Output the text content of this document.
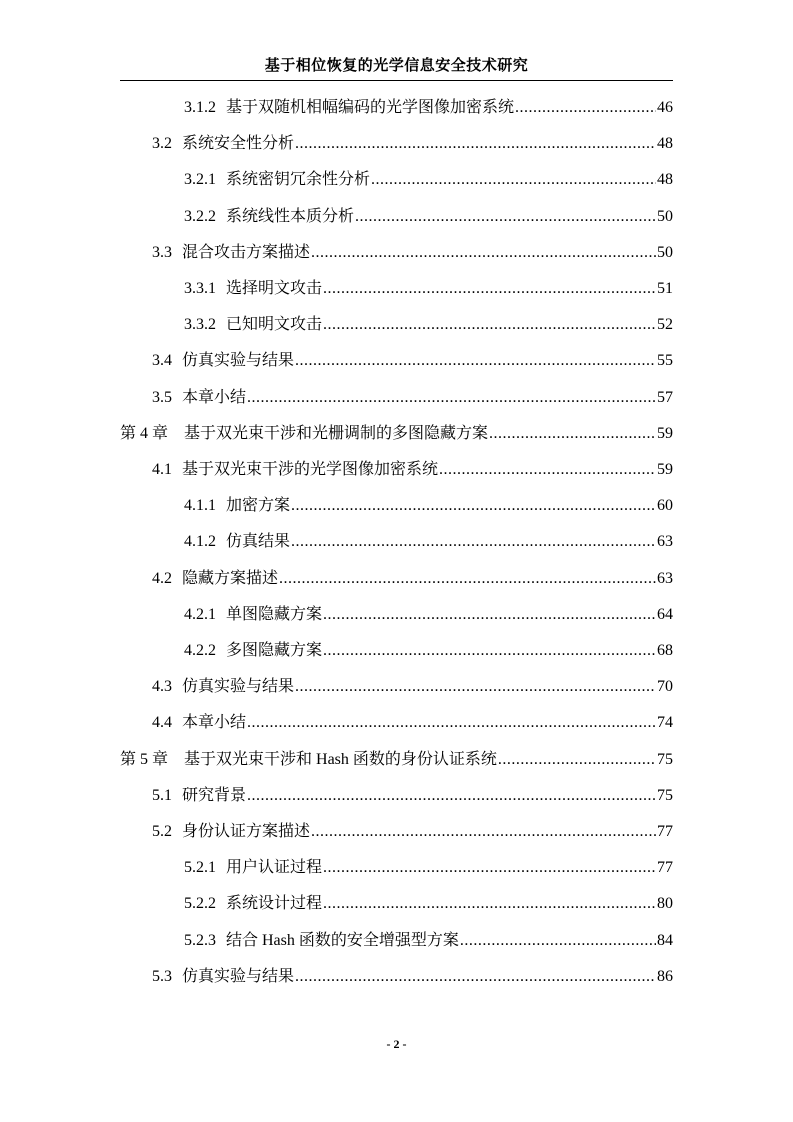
基于相位恢复的光学信息安全技术研究
3.1.2 基于双随机相幅编码的光学图像加密系统 .....	46
3.2 系统安全性分析 .....	48
3.2.1 系统密钥冗余性分析 .....	48
3.2.2 系统线性本质分析 .....	50
3.3 混合攻击方案描述 .....	50
3.3.1 选择明文攻击 .....	51
3.3.2 已知明文攻击 .....	52
3.4 仿真实验与结果 .....	55
3.5 本章小结 .....	57
第 4 章 基于双光束干涉和光栅调制的多图隐藏方案 .....	59
4.1 基于双光束干涉的光学图像加密系统 .....	59
4.1.1 加密方案 .....	60
4.1.2 仿真结果 .....	63
4.2 隐藏方案描述 .....	63
4.2.1 单图隐藏方案 .....	64
4.2.2 多图隐藏方案 .....	68
4.3 仿真实验与结果 .....	70
4.4 本章小结 .....	74
第 5 章 基于双光束干涉和 Hash 函数的身份认证系统 .....	75
5.1 研究背景 .....	75
5.2 身份认证方案描述 .....	77
5.2.1 用户认证过程 .....	77
5.2.2 系统设计过程 .....	80
5.2.3 结合 Hash 函数的安全增强型方案 .....	84
5.3 仿真实验与结果 .....	86
- 2 -
